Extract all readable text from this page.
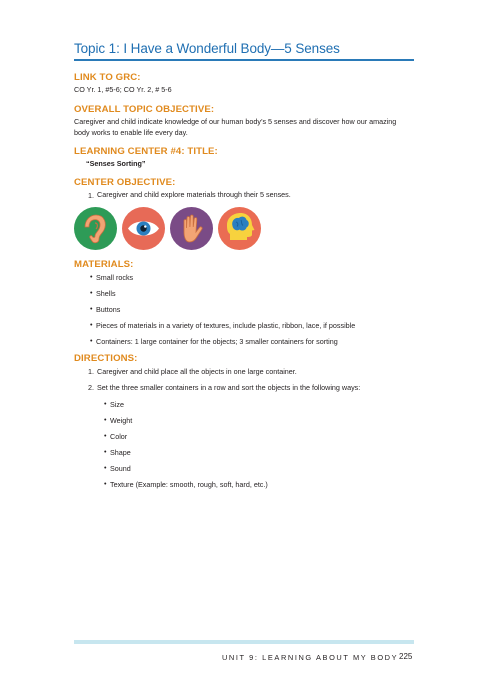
Topic 1: I Have a Wonderful Body—5 Senses
LINK TO GRC:
CO Yr. 1, #5-6; CO Yr. 2, # 5-6
OVERALL TOPIC OBJECTIVE:
Caregiver and child indicate knowledge of our human body’s 5 senses and discover how our amazing
body works to enable life every day.
LEARNING CENTER #4: TITLE:
“Senses Sorting”
CENTER OBJECTIVE:
1. Caregiver and child explore materials through their 5 senses.
MATERIALS:
• Small rocks
• Shells
• Buttons
• Pieces of materials in a variety of textures, include plastic, ribbon, lace, if possible
• Containers: 1 large container for the objects; 3 smaller containers for sorting
DIRECTIONS:
1. Caregiver and child place all the objects in one large container.
2. Set the three smaller containers in a row and sort the objects in the following ways:
• Size
• Weight
• Color
• Shape
• Sound
• Texture (Example: smooth, rough, soft, hard, etc.)
UNIT 9: LEARNING ABOUT MY BODY 225
